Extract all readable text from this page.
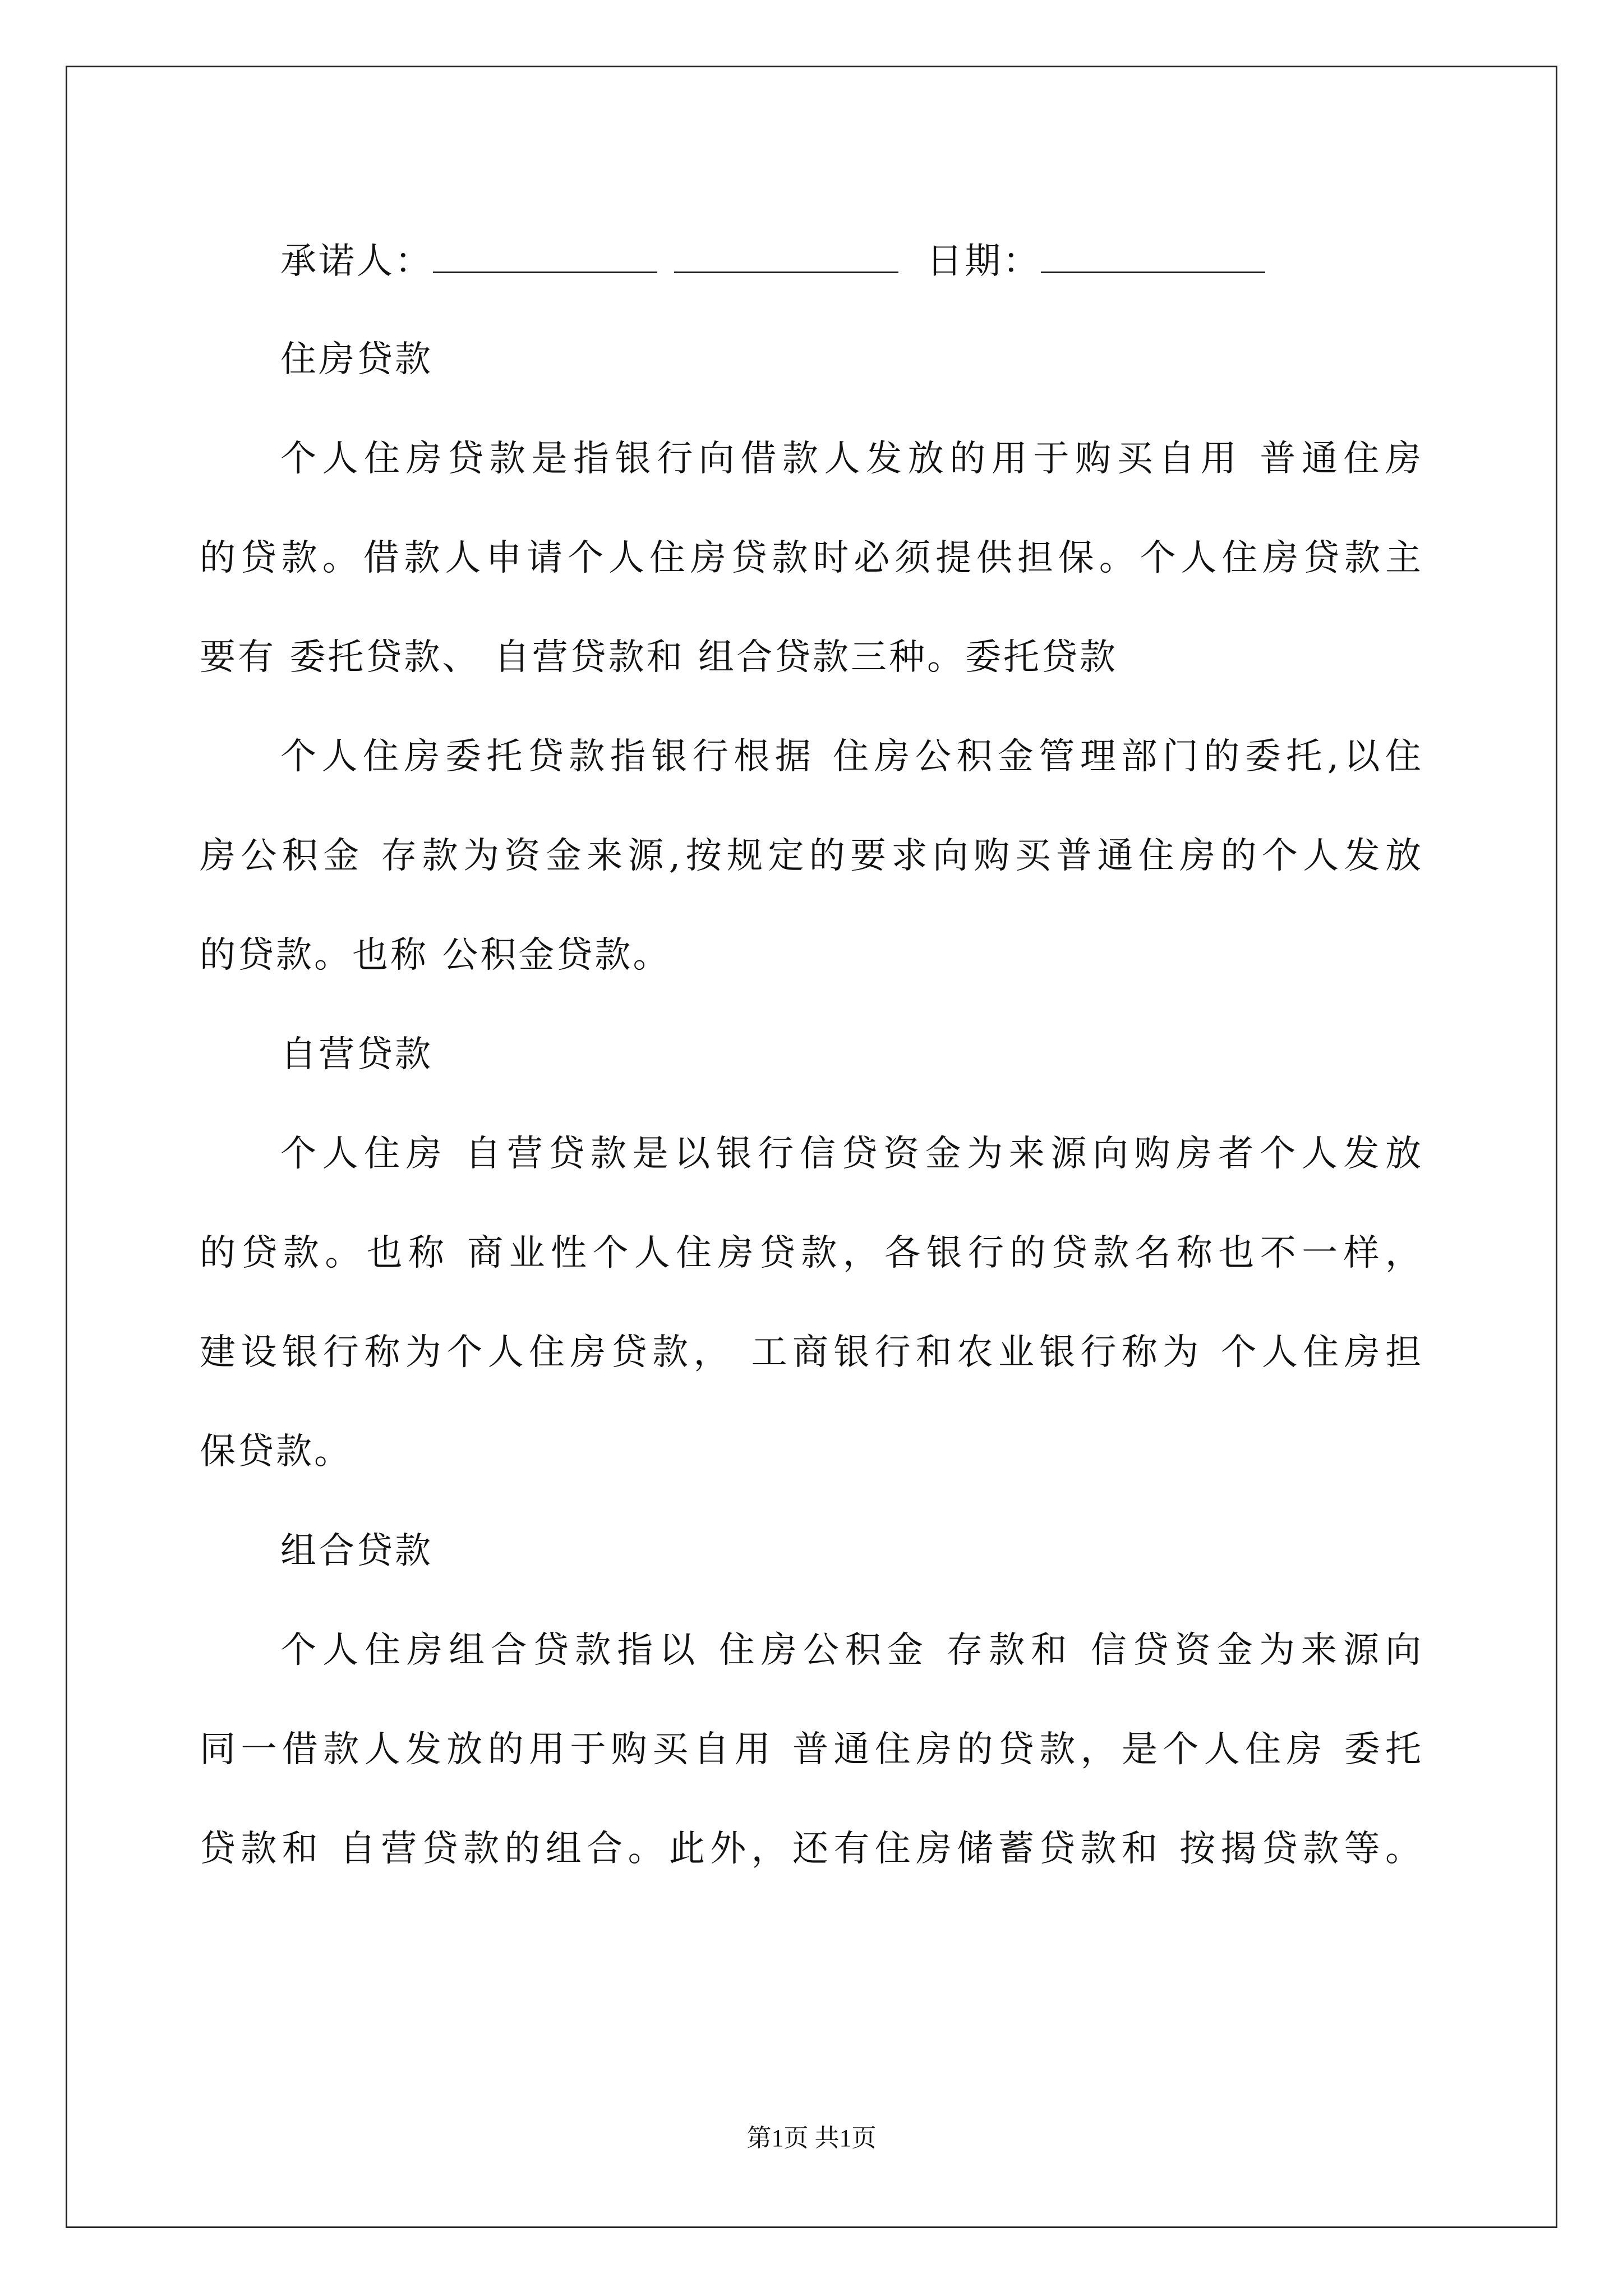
承诺人：	日期：
住房贷款
个人住房贷款是指银行向借款人发放的用于购买自用 普通住房
的贷款。借款人申请个人住房贷款时必须提供担保。个人住房贷款主
要有 委托贷款、 自营贷款和 组合贷款三种。委托贷款
个人住房委托贷款指银行根据 住房公积金管理部门的委托,以住
房公积金 存款为资金来源,按规定的要求向购买普通住房的个人发放
的贷款。也称 公积金贷款。
自营贷款
个人住房 自营贷款是以银行信贷资金为来源向购房者个人发放
的贷款。也称 商业性个人住房贷款，各银行的贷款名称也不一样，
建设银行称为个人住房贷款， 工商银行和农业银行称为 个人住房担
保贷款。
组合贷款
个人住房组合贷款指以 住房公积金 存款和 信贷资金为来源向
同一借款人发放的用于购买自用 普通住房的贷款，是个人住房 委托
贷款和 自营贷款的组合。此外，还有住房储蓄贷款和 按揭贷款等。
第1页 共1页
